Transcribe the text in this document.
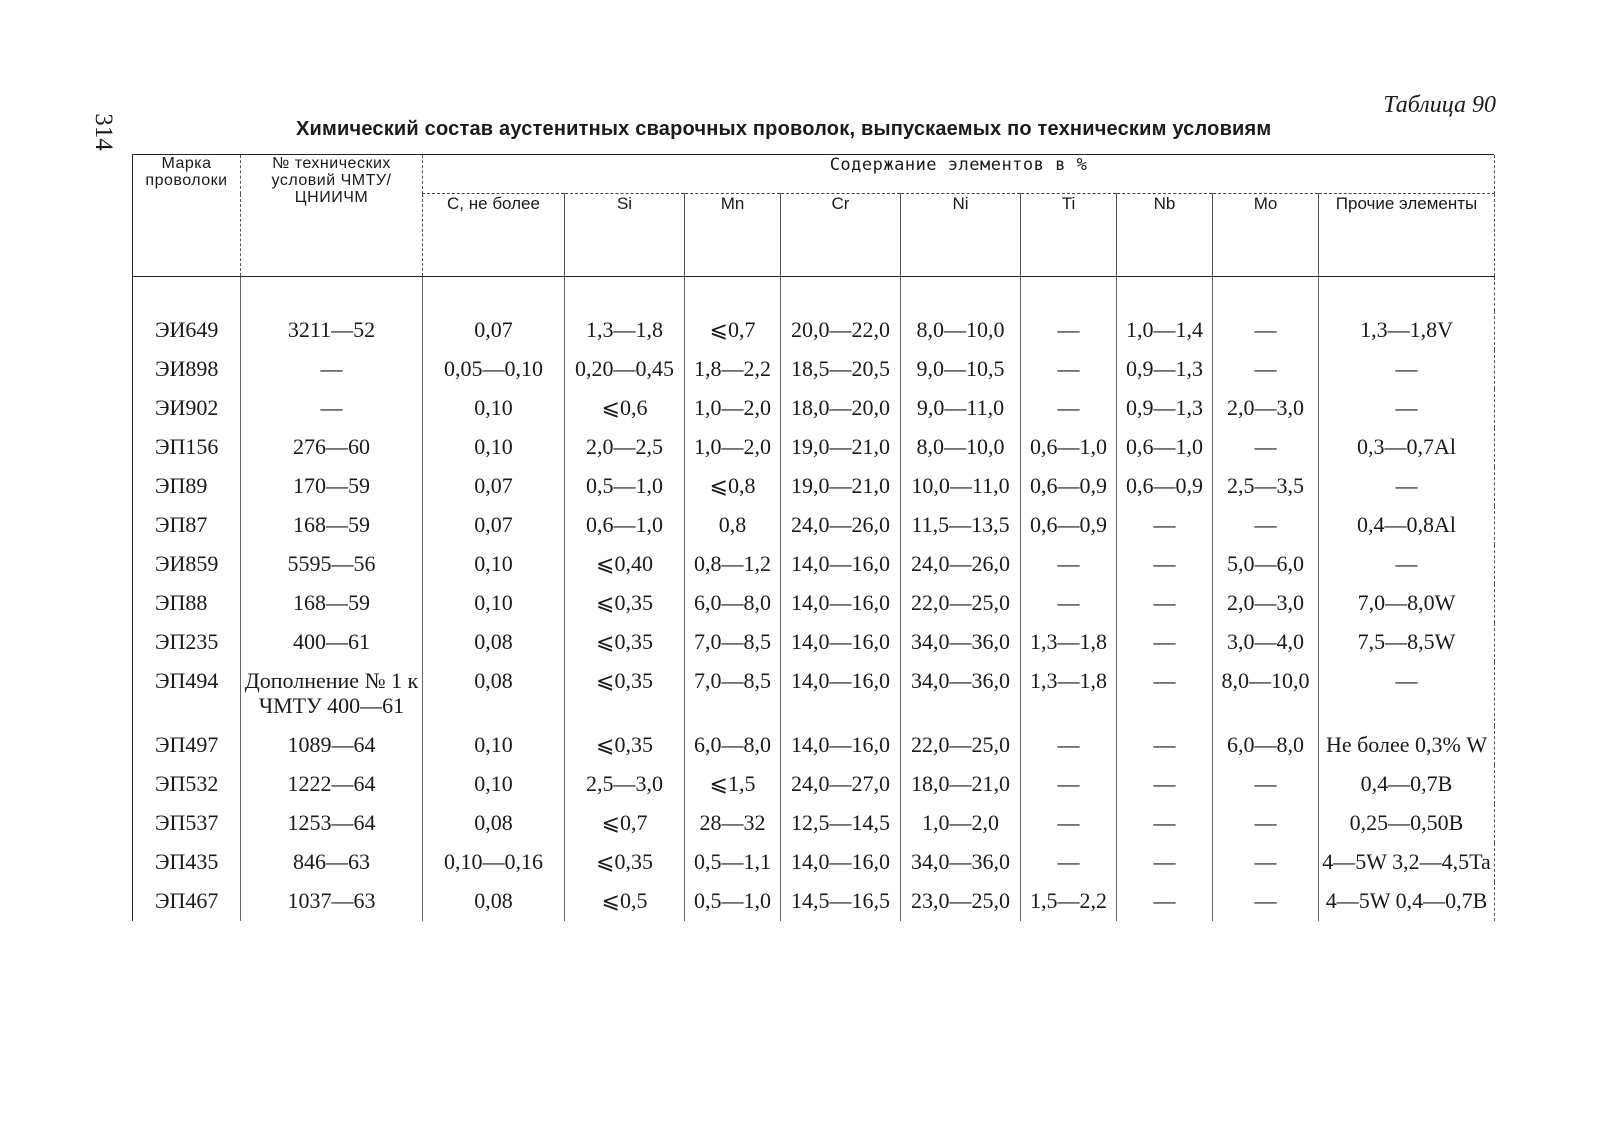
314
Таблица 90
Химический состав аустенитных сварочных проволок, выпускаемых по техническим условиям
Марка проволоки	№ технических условий ЧМТУ/ЦНИИЧМ	Содержание элементов в %								
		С, не более	Si	Mn	Cr	Ni	Ti	Nb	Mo	Прочие элементы

ЭИ649	3211—52	0,07	1,3—1,8	⩽0,7	20,0—22,0	8,0—10,0	—	1,0—1,4	—	1,3—1,8V
ЭИ898	—	0,05—0,10	0,20—0,45	1,8—2,2	18,5—20,5	9,0—10,5	—	0,9—1,3	—	—
ЭИ902	—	0,10	⩽0,6	1,0—2,0	18,0—20,0	9,0—11,0	—	0,9—1,3	2,0—3,0	—
ЭП156	276—60	0,10	2,0—2,5	1,0—2,0	19,0—21,0	8,0—10,0	0,6—1,0	0,6—1,0	—	0,3—0,7Al
ЭП89	170—59	0,07	0,5—1,0	⩽0,8	19,0—21,0	10,0—11,0	0,6—0,9	0,6—0,9	2,5—3,5	—
ЭП87	168—59	0,07	0,6—1,0	0,8	24,0—26,0	11,5—13,5	0,6—0,9	—	—	0,4—0,8Al
ЭИ859	5595—56	0,10	⩽0,40	0,8—1,2	14,0—16,0	24,0—26,0	—	—	5,0—6,0	—
ЭП88	168—59	0,10	⩽0,35	6,0—8,0	14,0—16,0	22,0—25,0	—	—	2,0—3,0	7,0—8,0W
ЭП235	400—61	0,08	⩽0,35	7,0—8,5	14,0—16,0	34,0—36,0	1,3—1,8	—	3,0—4,0	7,5—8,5W
ЭП494	Дополнение № 1 к ЧМТУ 400—61	0,08	⩽0,35	7,0—8,5	14,0—16,0	34,0—36,0	1,3—1,8	—	8,0—10,0	—
ЭП497	1089—64	0,10	⩽0,35	6,0—8,0	14,0—16,0	22,0—25,0	—	—	6,0—8,0	Не более 0,3% W
ЭП532	1222—64	0,10	2,5—3,0	⩽1,5	24,0—27,0	18,0—21,0	—	—	—	0,4—0,7B
ЭП537	1253—64	0,08	⩽0,7	28—32	12,5—14,5	1,0—2,0	—	—	—	0,25—0,50B
ЭП435	846—63	0,10—0,16	⩽0,35	0,5—1,1	14,0—16,0	34,0—36,0	—	—	—	4—5W 3,2—4,5Ta
ЭП467	1037—63	0,08	⩽0,5	0,5—1,0	14,5—16,5	23,0—25,0	1,5—2,2	—	—	4—5W 0,4—0,7B
